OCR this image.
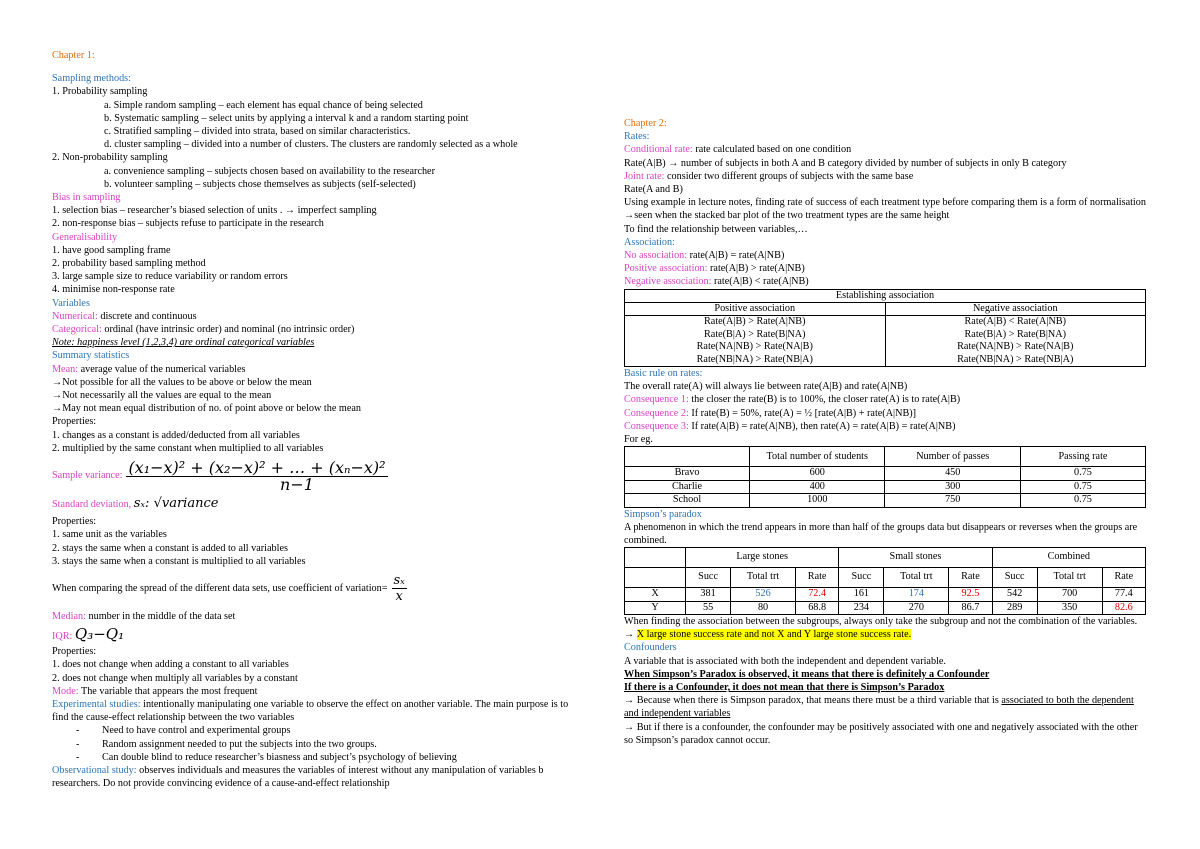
Chapter 1:
Sampling methods:
1. Probability sampling
a. Simple random sampling – each element has equal chance of being selected
b. Systematic sampling – select units by applying a interval k and a random starting point
c. Stratified sampling – divided into strata, based on similar characteristics.
d. cluster sampling – divided into a number of clusters. The clusters are randomly selected as a whole
2. Non-probability sampling
a. convenience sampling – subjects chosen based on availability to the researcher
b. volunteer sampling – subjects chose themselves as subjects (self-selected)
Bias in sampling
1. selection bias – researcher’s biased selection of units . → imperfect sampling
2. non-response bias – subjects refuse to participate in the research
Generalisability
1. have good sampling frame
2. probability based sampling method
3. large sample size to reduce variability or random errors
4. minimise non-response rate
Variables
Numerical: discrete and continuous
Categorical: ordinal (have intrinsic order) and nominal (no intrinsic order)
Note: happiness level (1,2,3,4) are ordinal categorical variables
Summary statistics
Mean: average value of the numerical variables
→Not possible for all the values to be above or below the mean
→Not necessarily all the values are equal to the mean
→May not mean equal distribution of no. of point above or below the mean
Properties:
1. changes as a constant is added/deducted from all variables
2. multiplied by the same constant when multiplied to all variables
Sample variance: $\frac{\text{(x₁−x)² + (x₂−x)² + … + (xₙ−x)²}}{n-1}$
Standard deviation, sₓ: √variance
Properties:
1. same unit as the variables
2. stays the same when a constant is added to all variables
3. stays the same when a constant is multiplied to all variables
When comparing the spread of the different data sets, use coefficient of variation= $\frac{\text{sₓ}}{x}$
Median: number in the middle of the data set
IQR: Q₃−Q₁
Properties:
1. does not change when adding a constant to all variables
2. does not change when multiply all variables by a constant
Mode: The variable that appears the most frequent
Experimental studies: intentionally manipulating one variable to observe the effect on another variable. The main purpose is to find the cause-effect relationship between the two variables
- Need to have control and experimental groups
- Random assignment needed to put the subjects into the two groups.
- Can double blind to reduce researcher’s biasness and subject’s psychology of believing
Observational study: observes individuals and measures the variables of interest without any manipulation of variables b researchers. Do not provide convincing evidence of a cause-and-effect relationship
Chapter 2:
Rates:
Conditional rate: rate calculated based on one condition
Rate(A|B) → number of subjects in both A and B category divided by number of subjects in only B category
Joint rate: consider two different groups of subjects with the same base
Rate(A and B)
Using example in lecture notes, finding rate of success of each treatment type before comparing them is a form of normalisation
→seen when the stacked bar plot of the two treatment types are the same height
To find the relationship between variables,…
Association:
No association: rate(A|B) = rate(A|NB)
Positive association: rate(A|B) > rate(A|NB)
Negative association: rate(A|B) < rate(A|NB)
Establishing association	
Positive association	Negative association
Rate(A|B) > Rate(A|NB)	Rate(A|B) < Rate(A|NB)
Rate(B|A) > Rate(B|NA)	Rate(B|A) > Rate(B|NA)
Rate(NA|NB) > Rate(NA|B)	Rate(NA|NB) > Rate(NA|B)
Rate(NB|NA) > Rate(NB|A)	Rate(NB|NA) > Rate(NB|A)
Basic rule on rates:
The overall rate(A) will always lie between rate(A|B) and rate(A|NB)
Consequence 1: the closer the rate(B) is to 100%, the closer rate(A) is to rate(A|B)
Consequence 2: If rate(B) = 50%, rate(A) = ½ [rate(A|B) + rate(A|NB)]
Consequence 3: If rate(A|B) = rate(A|NB), then rate(A) = rate(A|B) = rate(A|NB)
For eg.
	Total number of students	Number of passes	Passing rate
Bravo	600	450	0.75
Charlie	400	300	0.75
School	1000	750	0.75
Simpson’s paradox
A phenomenon in which the trend appears in more than half of the groups data but disappears or reverses when the groups are combined.
	Large stones			Small stones			Combined		
	Succ	Total trt	Rate	Succ	Total trt	Rate	Succ	Total trt	Rate
X	381	526	72.4	161	174	92.5	542	700	77.4
Y	55	80	68.8	234	270	86.7	289	350	82.6
When finding the association between the subgroups, always only take the subgroup and not the combination of the variables. → X large stone success rate and not X and Y large stone success rate.
Confounders
A variable that is associated with both the independent and dependent variable.
When Simpson’s Paradox is observed, it means that there is definitely a Confounder
If there is a Confounder, it does not mean that there is Simpson’s Paradox
→ Because when there is Simpson paradox, that means there must be a third variable that is associated to both the dependent and independent variables
→ But if there is a confounder, the confounder may be positively associated with one and negatively associated with the other so Simpson’s paradox cannot occur.
